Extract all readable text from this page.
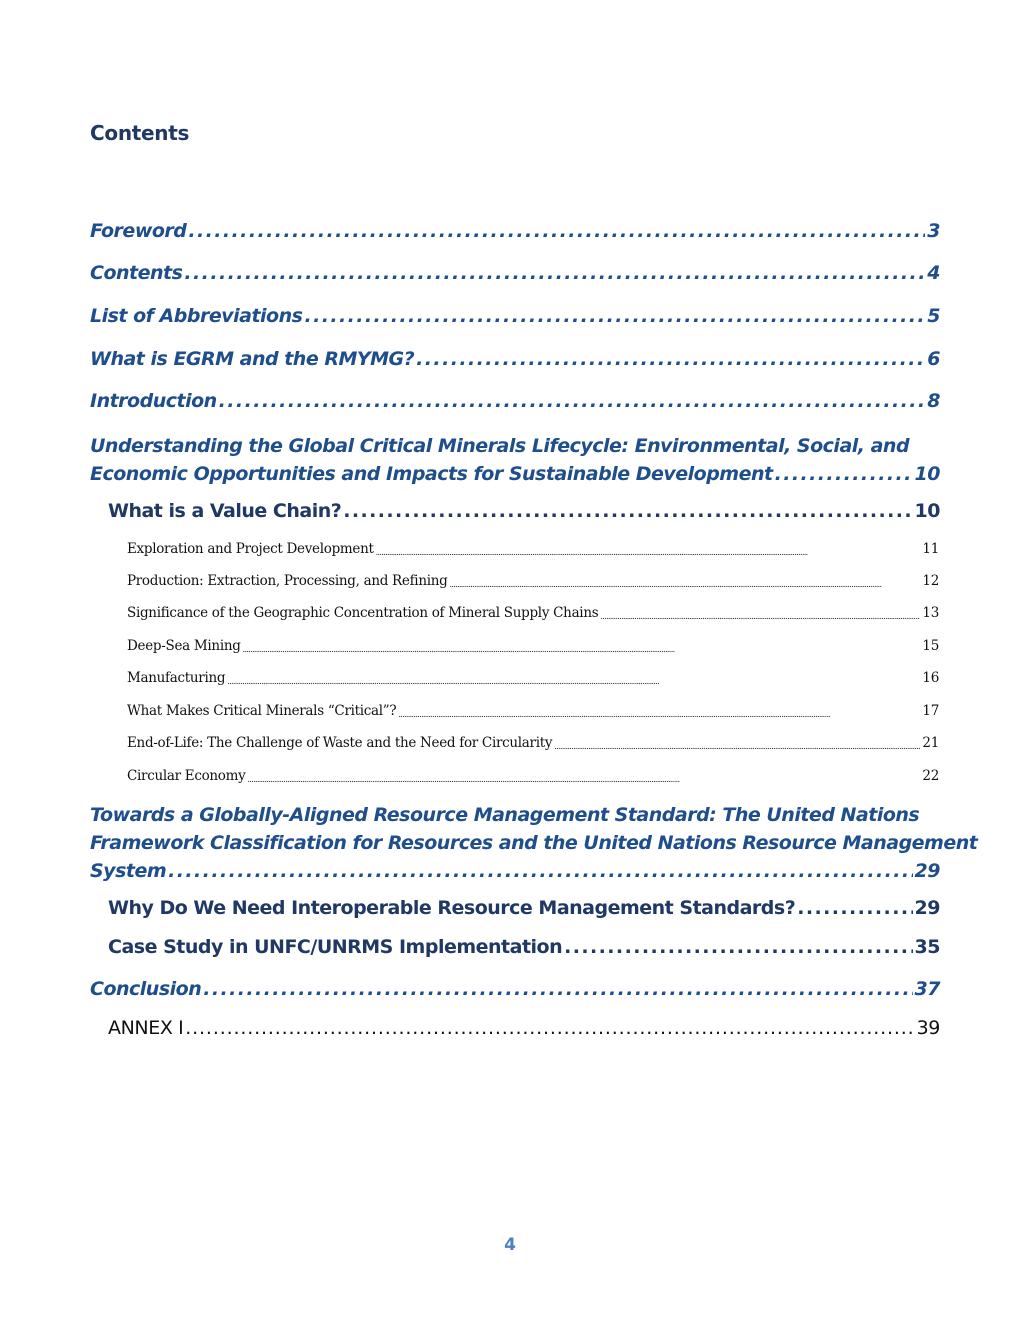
Contents
Foreword . . .	3
Contents . . .	4
List of Abbreviations . . .	5
What is EGRM and the RMYMG? . . .	6
Introduction . . .	8
Understanding the Global Critical Minerals Lifecycle: Environmental, Social, and
Economic Opportunities and Impacts for Sustainable Development . . .	10
What is a Value Chain? . . .	10
Exploration and Project Development . . .	11
Production: Extraction, Processing, and Refining . . .	12
Significance of the Geographic Concentration of Mineral Supply Chains . . .	13
Deep-Sea Mining . . .	15
Manufacturing . . .	16
What Makes Critical Minerals “Critical”? . . .	17
End-of-Life: The Challenge of Waste and the Need for Circularity . . .	21
Circular Economy . . .	22
Towards a Globally-Aligned Resource Management Standard: The United Nations
Framework Classification for Resources and the United Nations Resource Management
System . . .	29
Why Do We Need Interoperable Resource Management Standards? . . .	29
Case Study in UNFC/UNRMS Implementation . . .	35
Conclusion . . .	37
ANNEX I . . .	39
4
